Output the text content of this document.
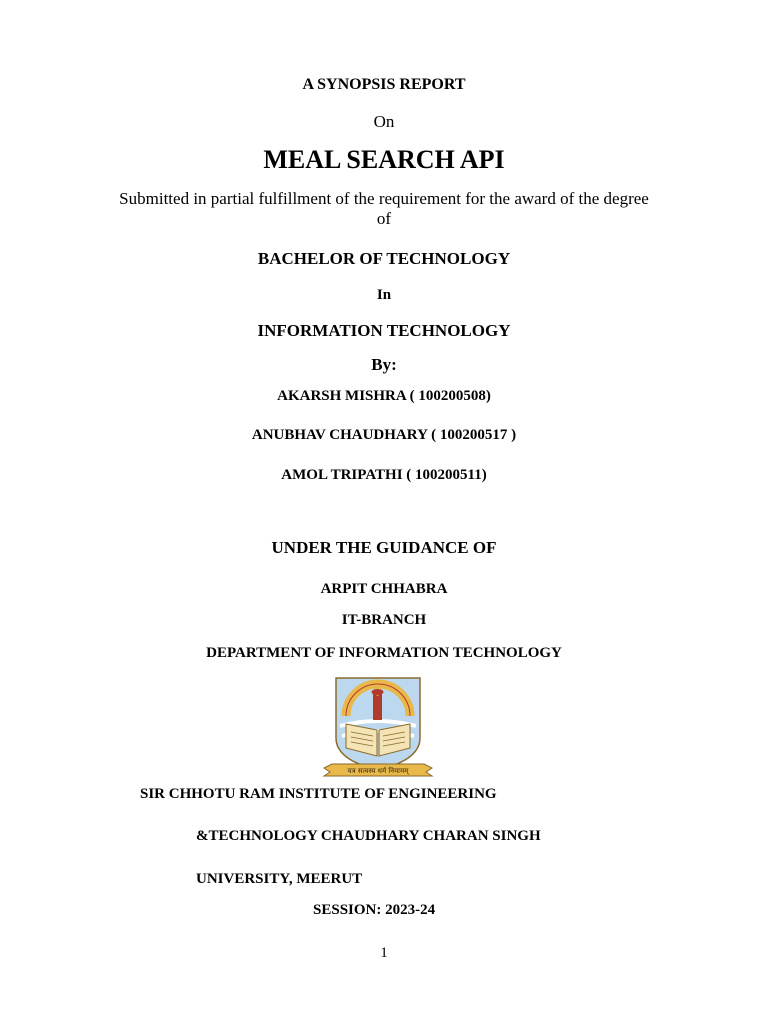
A SYNOPSIS REPORT
On
MEAL SEARCH API
Submitted in partial fulfillment of the requirement for the award of the degree
of
BACHELOR OF TECHNOLOGY
In
INFORMATION TECHNOLOGY
By:
AKARSH MISHRA ( 100200508)
ANUBHAV CHAUDHARY ( 100200517 )
AMOL TRIPATHI ( 100200511)
UNDER THE GUIDANCE OF
ARPIT CHHABRA
IT-BRANCH
DEPARTMENT OF INFORMATION TECHNOLOGY
यत्र सत्यस्य धर्म नियामम्
SIR CHHOTU RAM INSTITUTE OF ENGINEERING
&TECHNOLOGY CHAUDHARY CHARAN SINGH
UNIVERSITY, MEERUT
SESSION: 2023-24
1
